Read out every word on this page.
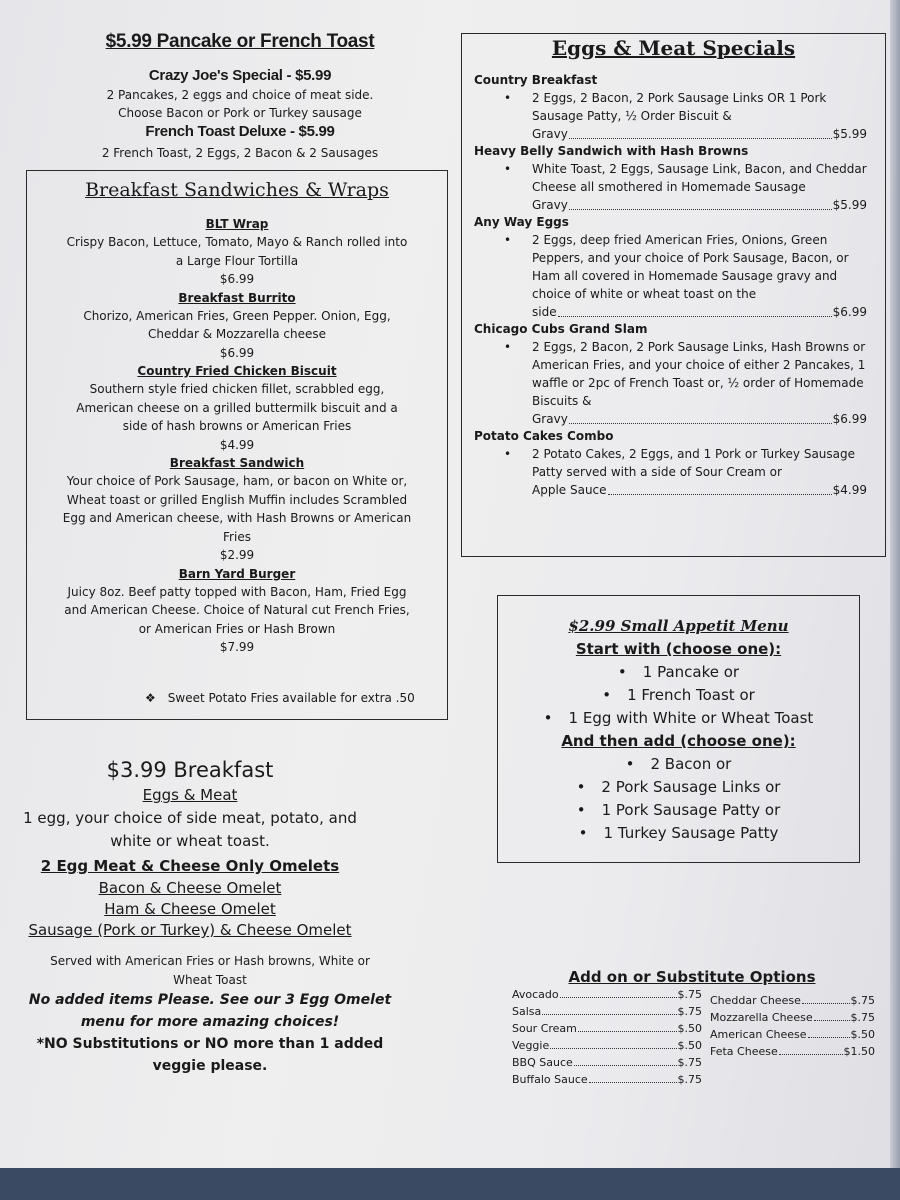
$5.99 Pancake or French Toast
Crazy Joe's Special - $5.99
2 Pancakes, 2 eggs and choice of meat side.
Choose Bacon or Pork or Turkey sausage
French Toast Deluxe - $5.99
2 French Toast, 2 Eggs, 2 Bacon & 2 Sausages
Breakfast Sandwiches & Wraps
BLT Wrap
Crispy Bacon, Lettuce, Tomato, Mayo & Ranch rolled into
a Large Flour Tortilla
$6.99
Breakfast Burrito
Chorizo, American Fries, Green Pepper. Onion, Egg,
Cheddar & Mozzarella cheese
$6.99
Country Fried Chicken Biscuit
Southern style fried chicken fillet, scrabbled egg,
American cheese on a grilled buttermilk biscuit and a
side of hash browns or American Fries
$4.99
Breakfast Sandwich
Your choice of Pork Sausage, ham, or bacon on White or,
Wheat toast or grilled English Muffin includes Scrambled
Egg and American cheese, with Hash Browns or American
Fries
$2.99
Barn Yard Burger
Juicy 8oz. Beef patty topped with Bacon, Ham, Fried Egg
and American Cheese. Choice of Natural cut French Fries,
or American Fries or Hash Brown
$7.99
❖ Sweet Potato Fries available for extra .50
Eggs & Meat Specials
Country Breakfast
• 2 Eggs, 2 Bacon, 2 Pork Sausage Links OR 1 Pork
Sausage Patty, ½ Order Biscuit &
Gravy	$5.99
Heavy Belly Sandwich with Hash Browns
• White Toast, 2 Eggs, Sausage Link, Bacon, and Cheddar
Cheese all smothered in Homemade Sausage
Gravy	$5.99
Any Way Eggs
• 2 Eggs, deep fried American Fries, Onions, Green
Peppers, and your choice of Pork Sausage, Bacon, or
Ham all covered in Homemade Sausage gravy and
choice of white or wheat toast on the
side	$6.99
Chicago Cubs Grand Slam
• 2 Eggs, 2 Bacon, 2 Pork Sausage Links, Hash Browns or
American Fries, and your choice of either 2 Pancakes, 1
waffle or 2pc of French Toast or, ½ order of Homemade
Biscuits &
Gravy	$6.99
Potato Cakes Combo
• 2 Potato Cakes, 2 Eggs, and 1 Pork or Turkey Sausage
Patty served with a side of Sour Cream or
Apple Sauce	$4.99
$2.99 Small Appetit Menu
Start with (choose one):
• 1 Pancake or
• 1 French Toast or
• 1 Egg with White or Wheat Toast
And then add (choose one):
• 2 Bacon or
• 2 Pork Sausage Links or
• 1 Pork Sausage Patty or
• 1 Turkey Sausage Patty
$3.99 Breakfast
Eggs & Meat
1 egg, your choice of side meat, potato, and
white or wheat toast.
2 Egg Meat & Cheese Only Omelets
Bacon & Cheese Omelet
Ham & Cheese Omelet
Sausage (Pork or Turkey) & Cheese Omelet
Served with American Fries or Hash browns, White or
Wheat Toast
No added items Please. See our 3 Egg Omelet
menu for more amazing choices!
*NO Substitutions or NO more than 1 added
veggie please.
Add on or Substitute Options
Avocado	$.75
Salsa	$.75
Sour Cream	$.50
Veggie	$.50
BBQ Sauce	$.75
Buffalo Sauce	$.75
Cheddar Cheese	$.75
Mozzarella Cheese	$.75
American Cheese	$.50
Feta Cheese	$1.50
